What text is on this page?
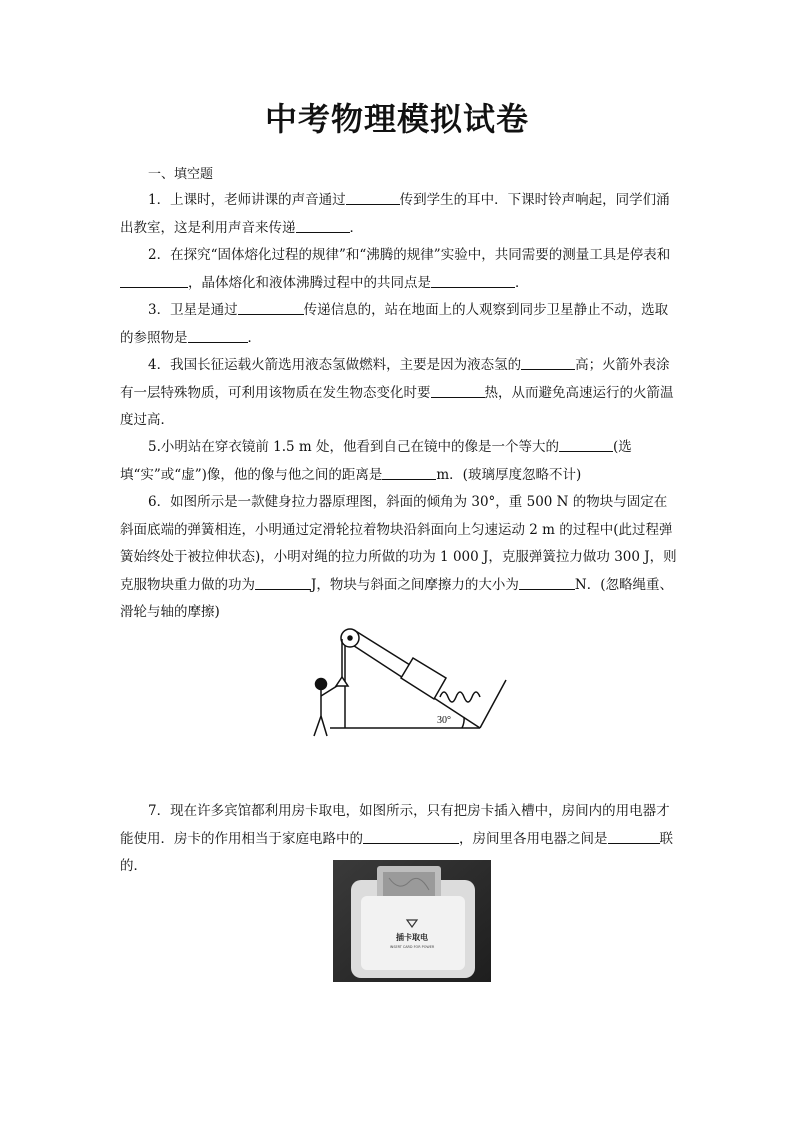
中考物理模拟试卷
一、填空题
1．上课时，老师讲课的声音通过	传到学生的耳中．下课时铃声响起，同学们涌出教室，这是利用声音来传递	．
2．在探究“固体熔化过程的规律”和“沸腾的规律”实验中，共同需要的测量工具是停表和，晶体熔化和液体沸腾过程中的共同点是	．
3．卫星是通过	传递信息的，站在地面上的人观察到同步卫星静止不动，选取的参照物是	．
4．我国长征运载火箭选用液态氢做燃料，主要是因为液态氢的	高；火箭外表涂有一层特殊物质，可利用该物质在发生物态变化时要	热，从而避免高速运行的火箭温度过高．
5.小明站在穿衣镜前 1.5 m 处，他看到自己在镜中的像是一个等大的	(选填“实”或“虚”)像，他的像与他之间的距离是	m．(玻璃厚度忽略不计)
6．如图所示是一款健身拉力器原理图，斜面的倾角为 30°，重 500 N 的物块与固定在斜面底端的弹簧相连，小明通过定滑轮拉着物块沿斜面向上匀速运动 2 m 的过程中(此过程弹簧始终处于被拉伸状态)，小明对绳的拉力所做的功为 1 000 J，克服弹簧拉力做功 300 J，则克服物块重力做的功为	J，物块与斜面之间摩擦力的大小为	N．(忽略绳重、滑轮与轴的摩擦)
30°
7．现在许多宾馆都利用房卡取电，如图所示，只有把房卡插入槽中，房间内的用电器才能使用．房卡的作用相当于家庭电路中的	，房间里各用电器之间是	联的．
插卡取电
INSERT CARD FOR POWER
